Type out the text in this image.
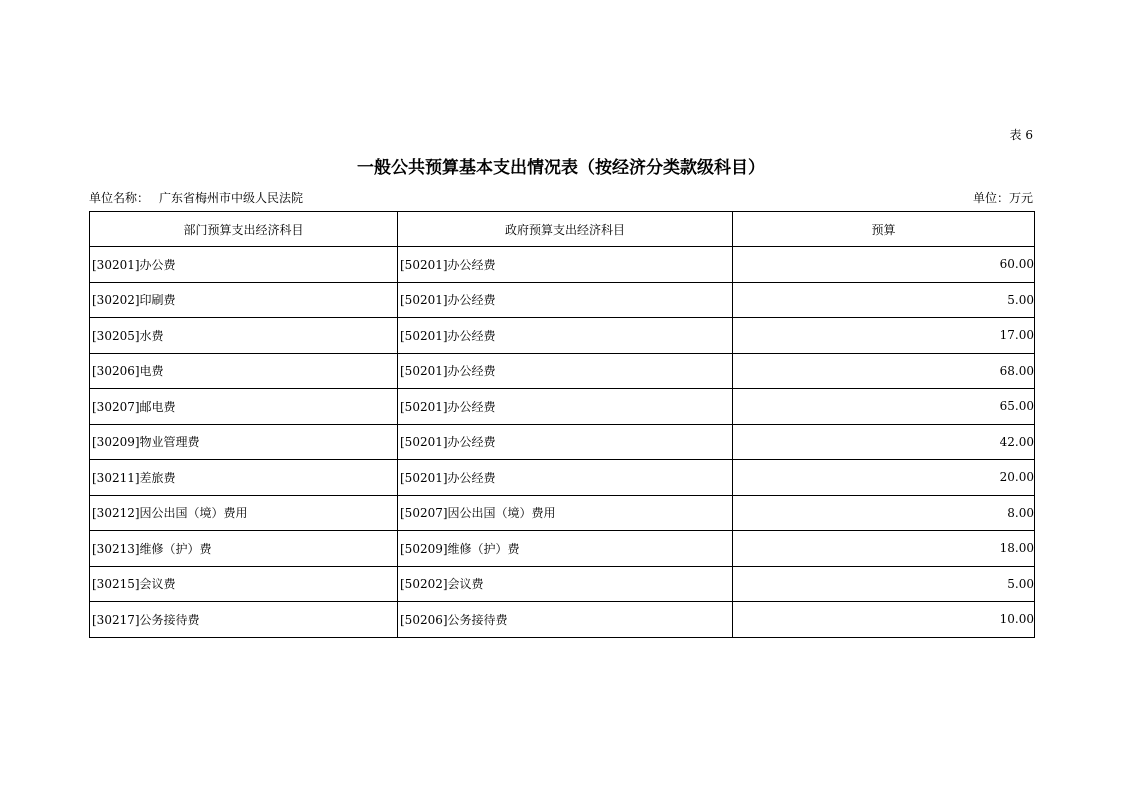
表 6
一般公共预算基本支出情况表（按经济分类款级科目）
单位名称： 广东省梅州市中级人民法院	单位：万元
部门预算支出经济科目	政府预算支出经济科目	预算
[30201]办公费	[50201]办公经费	60.00
[30202]印刷费	[50201]办公经费	5.00
[30205]水费	[50201]办公经费	17.00
[30206]电费	[50201]办公经费	68.00
[30207]邮电费	[50201]办公经费	65.00
[30209]物业管理费	[50201]办公经费	42.00
[30211]差旅费	[50201]办公经费	20.00
[30212]因公出国（境）费用	[50207]因公出国（境）费用	8.00
[30213]维修（护）费	[50209]维修（护）费	18.00
[30215]会议费	[50202]会议费	5.00
[30217]公务接待费	[50206]公务接待费	10.00
